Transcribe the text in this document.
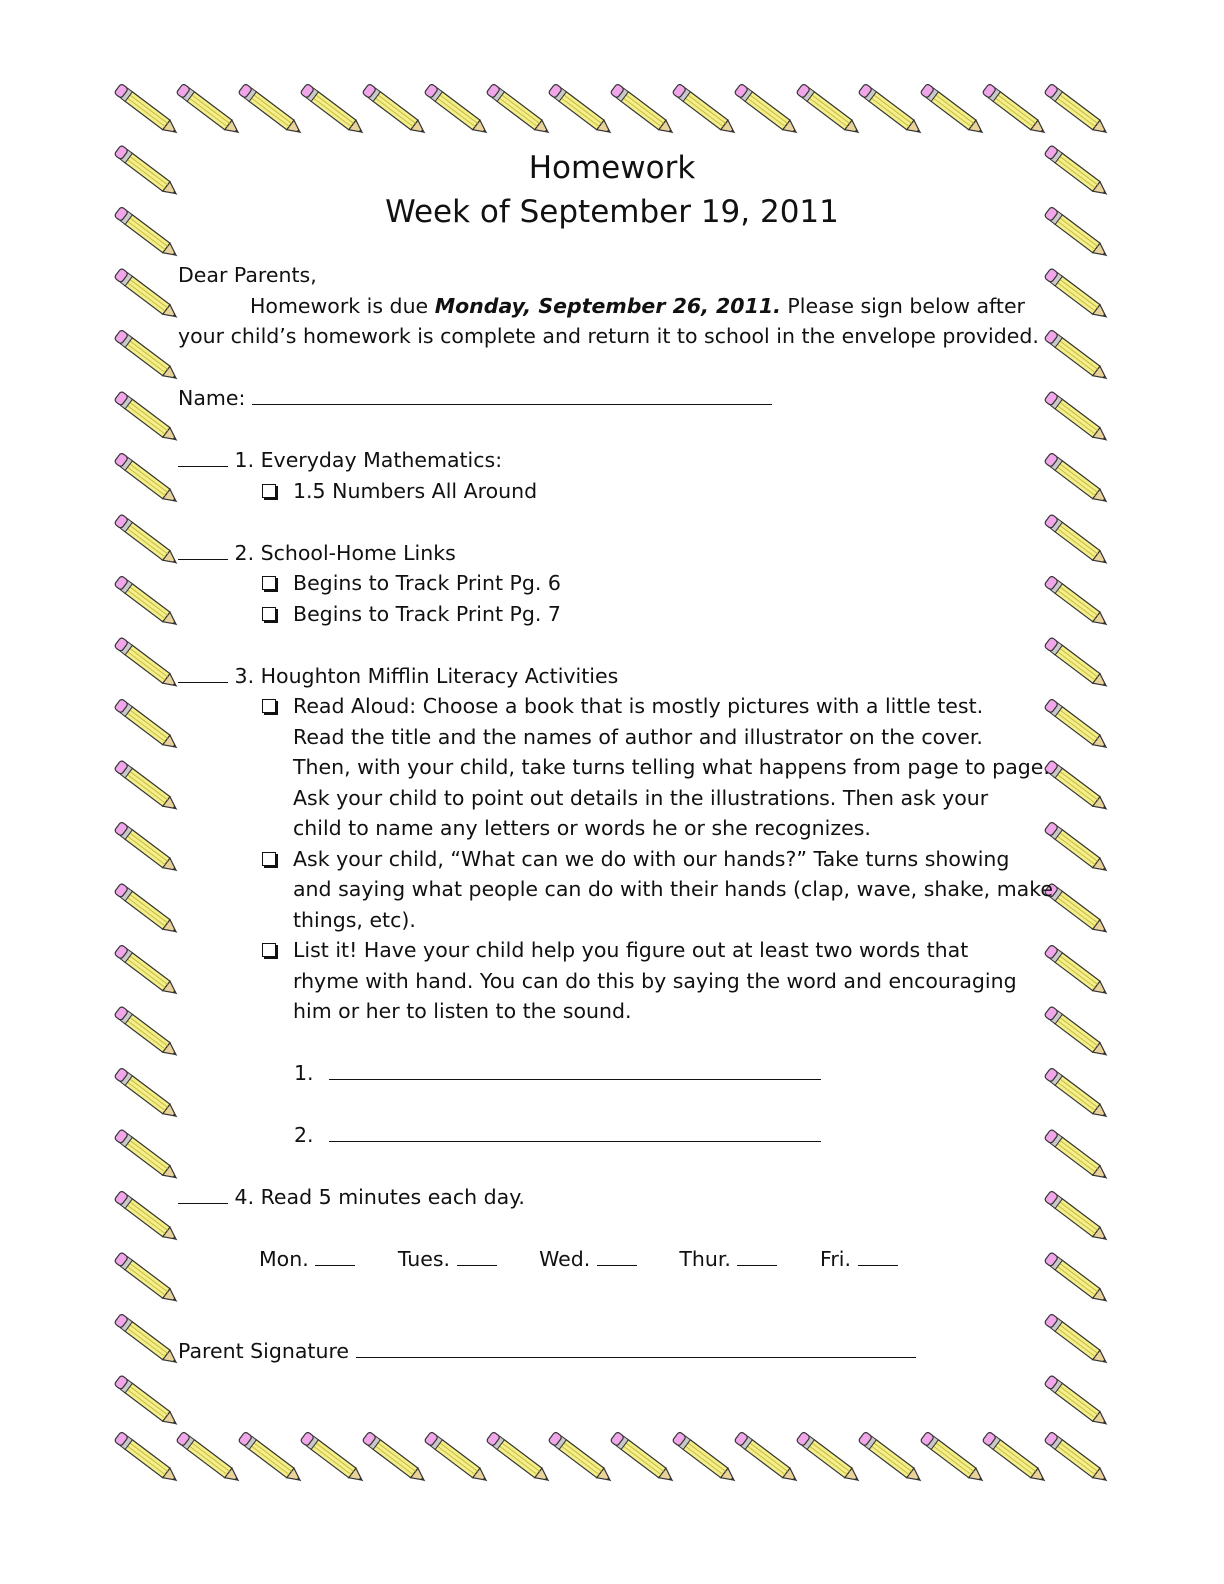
Homework
Week of September 19, 2011

Dear Parents,

Homework is due Monday, September 26, 2011. Please sign below after

your child’s homework is complete and return it to school in the envelope provided.

Name:

1. Everyday Mathematics:

1.5 Numbers All Around

2. School-Home Links

Begins to Track Print Pg. 6
Begins to Track Print Pg. 7

3. Houghton Mifflin Literacy Activities

Read Aloud: Choose a book that is mostly pictures with a little test.
Read the title and the names of author and illustrator on the cover.
Then, with your child, take turns telling what happens from page to page.
Ask your child to point out details in the illustrations. Then ask your
child to name any letters or words he or she recognizes.
Ask your child, “What can we do with our hands?” Take turns showing
and saying what people can do with their hands (clap, wave, shake, make
things, etc).
List it! Have your child help you figure out at least two words that
rhyme with hand. You can do this by saying the word and encouraging
him or her to listen to the sound.

1.

2.

4. Read 5 minutes each day.

Mon.	Tues.	Wed.	Thur.	Fri.

Parent Signature
